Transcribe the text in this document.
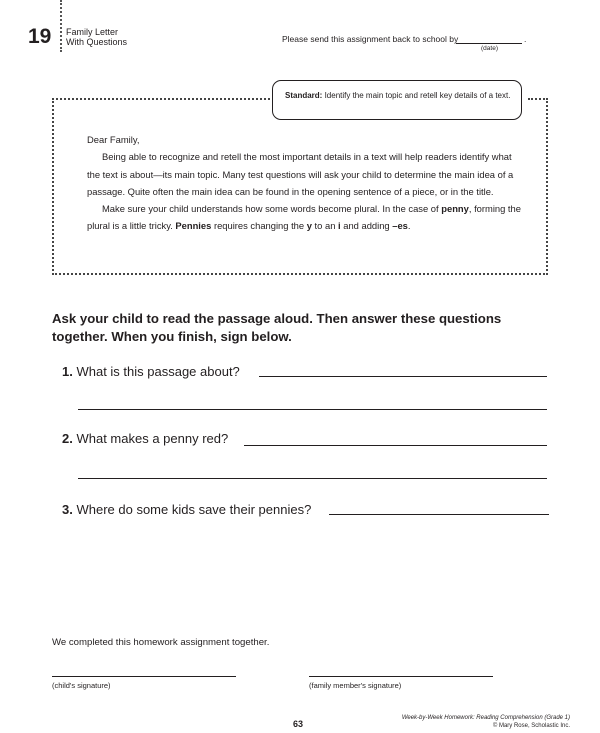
19 Family Letter
With Questions	Please send this assignment back to school by	.
(date)
Standard: Identify the main topic and retell key details of a text.

Dear Family,

Being able to recognize and retell the most important details in a text will help readers identify what the text is about—its main topic. Many test questions will ask your child to determine the main idea of a passage. Quite often the main idea can be found in the opening sentence of a piece, or in the title.

Make sure your child understands how some words become plural. In the case of penny, forming the plural is a little tricky. Pennies requires changing the y to an i and adding –es.

Ask your child to read the passage aloud. Then answer these questions together. When you finish, sign below.
1. What is this passage about?
2. What makes a penny red?
3. Where do some kids save their pennies?
We completed this homework assignment together.
(child's signature)	(family member's signature)
63
Week-by-Week Homework: Reading Comprehension (Grade 1)
© Mary Rose, Scholastic Inc.
